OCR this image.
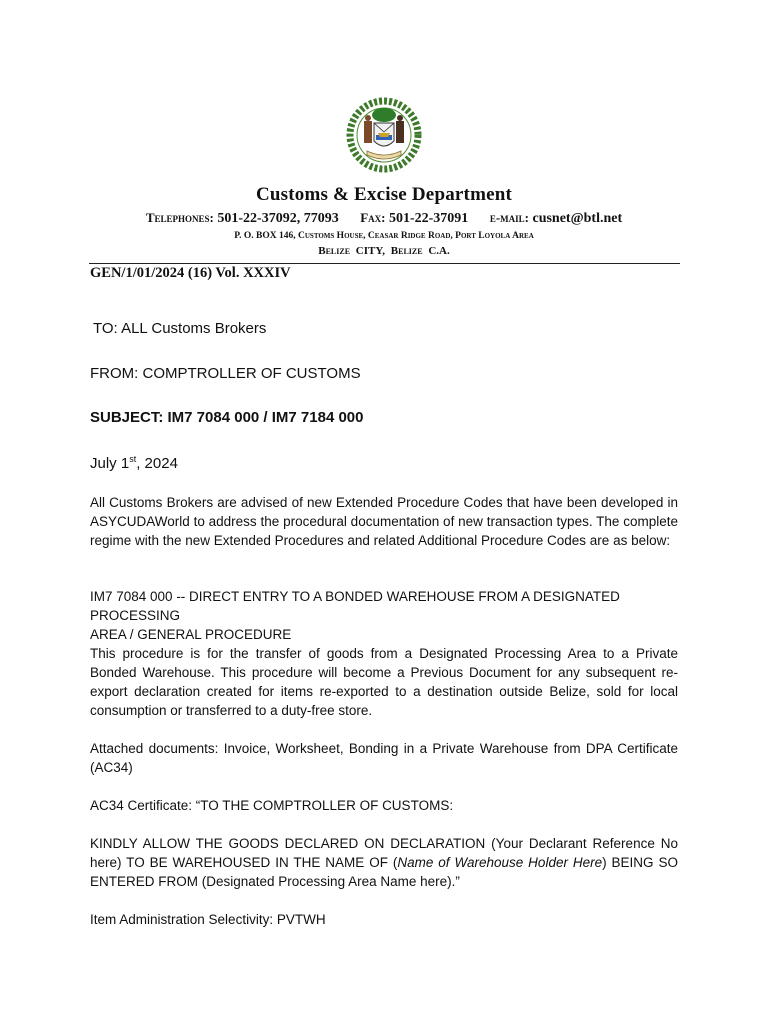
Customs & Excise Department
Telephones: 501-22-37092, 77093 Fax: 501-22-37091 e-mail: cusnet@btl.net
P. O. BOX 146, Customs House, Ceasar Ridge Road, Port Loyola Area
Belize CITY, Belize C.A.
GEN/1/01/2024 (16) Vol. XXXIV
TO: ALL Customs Brokers
FROM: COMPTROLLER OF CUSTOMS
SUBJECT: IM7 7084 000 / IM7 7184 000
July 1st, 2024
All Customs Brokers are advised of new Extended Procedure Codes that have been developed in ASYCUDAWorld to address the procedural documentation of new transaction types. The complete regime with the new Extended Procedures and related Additional Procedure Codes are as below:
IM7 7084 000 -- DIRECT ENTRY TO A BONDED WAREHOUSE FROM A DESIGNATED PROCESSING
AREA / GENERAL PROCEDURE
This procedure is for the transfer of goods from a Designated Processing Area to a Private Bonded Warehouse. This procedure will become a Previous Document for any subsequent re-export declaration created for items re-exported to a destination outside Belize, sold for local consumption or transferred to a duty-free store.
Attached documents: Invoice, Worksheet, Bonding in a Private Warehouse from DPA Certificate (AC34)
AC34 Certificate: “TO THE COMPTROLLER OF CUSTOMS:
KINDLY ALLOW THE GOODS DECLARED ON DECLARATION (Your Declarant Reference No here) TO BE WAREHOUSED IN THE NAME OF (Name of Warehouse Holder Here) BEING SO ENTERED FROM (Designated Processing Area Name here).”
Item Administration Selectivity: PVTWH
